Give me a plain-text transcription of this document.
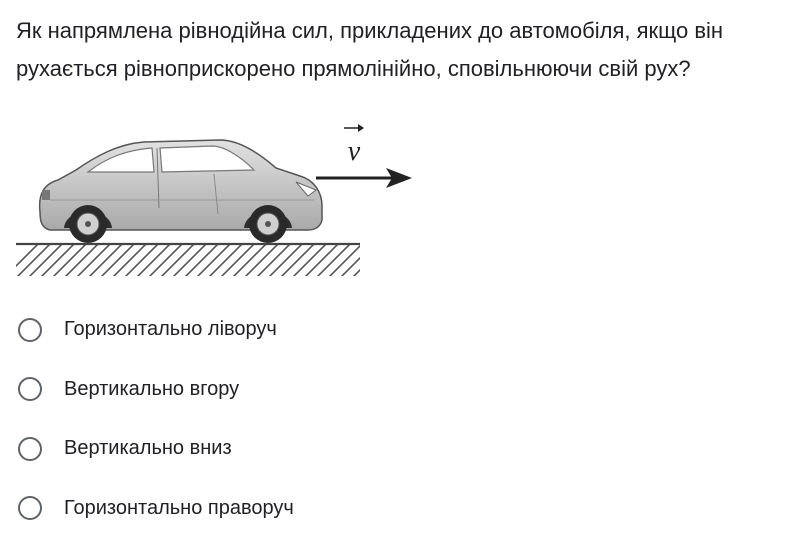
Як напрямлена рівнодійна сил, прикладених до автомобіля, якщо він
рухається рівноприскорено прямолінійно, сповільнюючи свій рух?
v
Горизонтально ліворуч
Вертикально вгору
Вертикально вниз
Горизонтально праворуч
